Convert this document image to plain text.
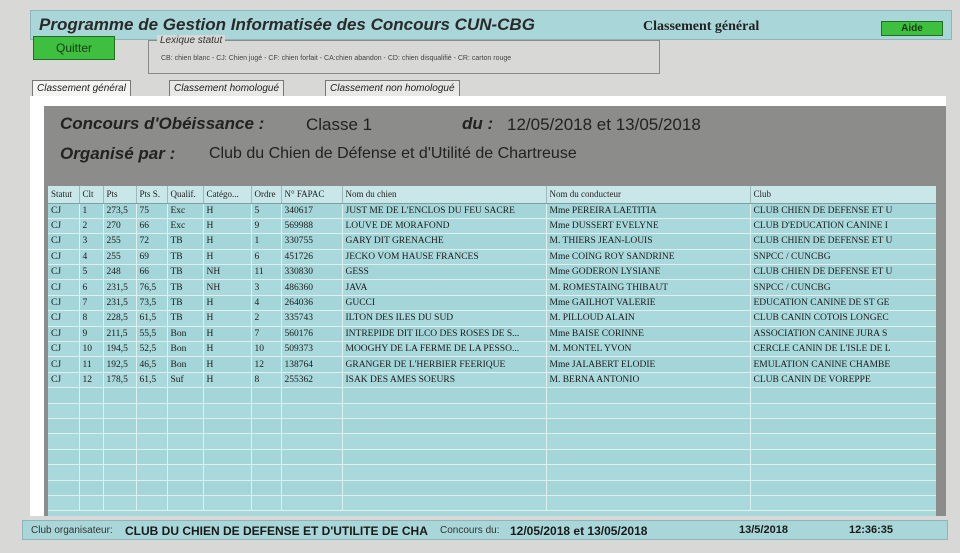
Programme de Gestion Informatisée des Concours CUN-CBG	Classement général	Aide
Quitter
Lexique statut
CB: chien blanc - CJ: Chien jugé - CF: chien forfait - CA:chien abandon - CD: chien disqualifié - CR: carton rouge
Classement général	Classement homologué	Classement non homologué
Concours d'Obéissance : Classe 1	du : 12/05/2018 et 13/05/2018
Organisé par : Club du Chien de Défense et d'Utilité de Chartreuse
Statut	Clt	Pts	Pts S.	Qualif.	Catégo...	Ordre	N° FAPAC	Nom du chien	Nom du conducteur	Club
CJ	1	273,5	75	Exc	H	5	340617	JUST ME DE L'ENCLOS DU FEU SACRE	Mme PEREIRA LAETITIA	CLUB CHIEN DE DEFENSE ET U
CJ	2	270	66	Exc	H	9	569988	LOUVE DE MORAFOND	Mme DUSSERT EVELYNE	CLUB D'EDUCATION CANINE I
CJ	3	255	72	TB	H	1	330755	GARY DIT GRENACHE	M. THIERS JEAN-LOUIS	CLUB CHIEN DE DEFENSE ET U
CJ	4	255	69	TB	H	6	451726	JECKO VOM HAUSE FRANCES	Mme COING ROY SANDRINE	SNPCC / CUNCBG
CJ	5	248	66	TB	NH	11	330830	GESS	Mme GODERON LYSIANE	CLUB CHIEN DE DEFENSE ET U
CJ	6	231,5	76,5	TB	NH	3	486360	JAVA	M. ROMESTAING THIBAUT	SNPCC / CUNCBG
CJ	7	231,5	73,5	TB	H	4	264036	GUCCI	Mme GAILHOT VALERIE	EDUCATION CANINE DE ST GE
CJ	8	228,5	61,5	TB	H	2	335743	ILTON DES ILES DU SUD	M. PILLOUD ALAIN	CLUB CANIN COTOIS LONGEC
CJ	9	211,5	55,5	Bon	H	7	560176	INTREPIDE DIT ILCO DES ROSES DE S...	Mme BAISE CORINNE	ASSOCIATION CANINE JURA S
CJ	10	194,5	52,5	Bon	H	10	509373	MOOGHY DE LA FERME DE LA PESSO...	M. MONTEL YVON	CERCLE CANIN DE L'ISLE DE L
CJ	11	192,5	46,5	Bon	H	12	138764	GRANGER DE L'HERBIER FEERIQUE	Mme JALABERT ELODIE	EMULATION CANINE CHAMBE
CJ	12	178,5	61,5	Suf	H	8	255362	ISAK DES AMES SOEURS	M. BERNA ANTONIO	CLUB CANIN DE VOREPPE

Club organisateur: CLUB DU CHIEN DE DEFENSE ET D'UTILITE DE CHA	Concours du: 12/05/2018 et 13/05/2018	13/5/2018	12:36:35
